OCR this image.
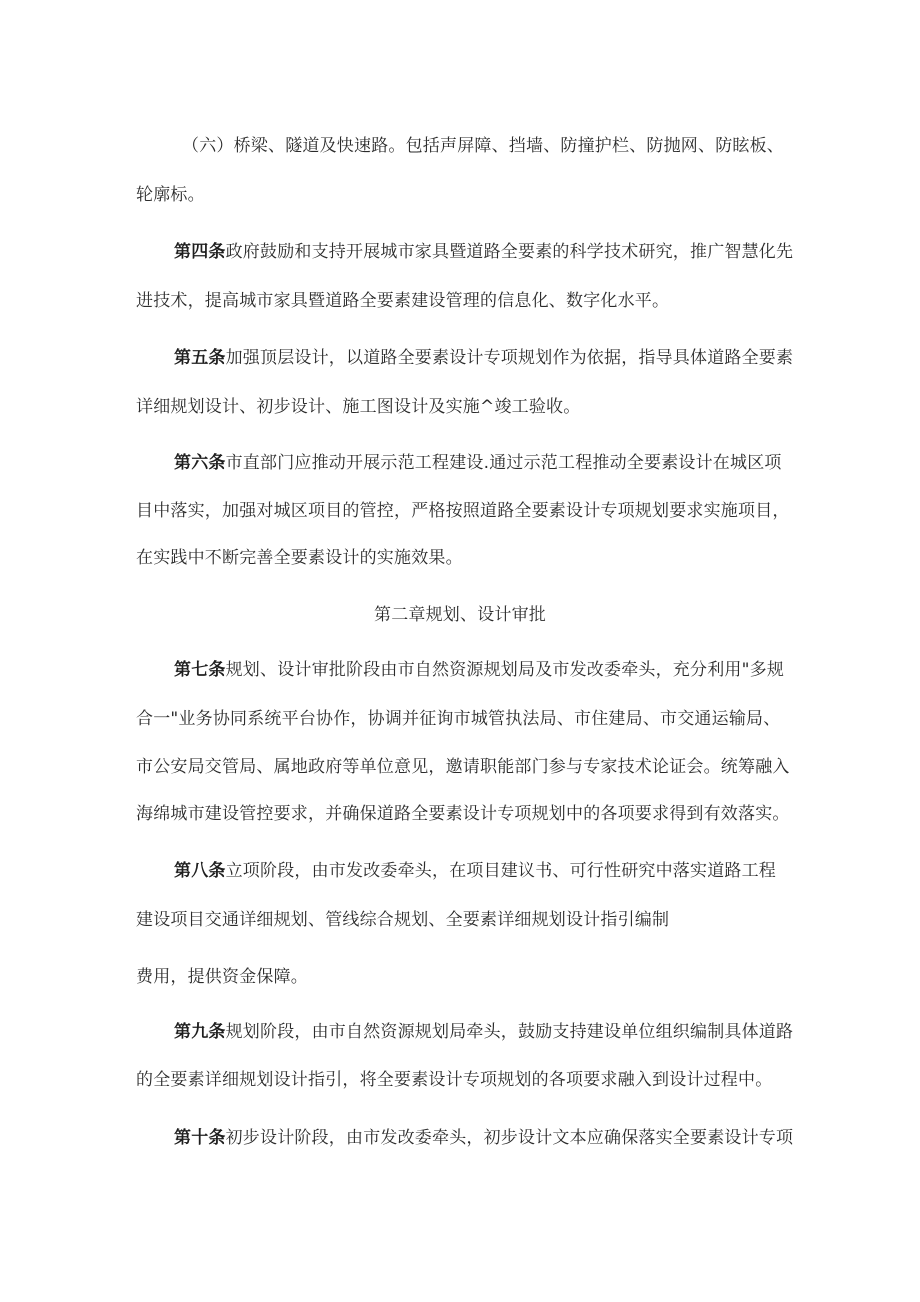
（六）桥梁、隧道及快速路。包括声屏障、挡墙、防撞护栏、防抛网、防眩板、
轮廓标。
第四条政府鼓励和支持开展城市家具暨道路全要素的科学技术研究，推广智慧化先
进技术，提高城市家具暨道路全要素建设管理的信息化、数字化水平。
第五条加强顶层设计，以道路全要素设计专项规划作为依据，指导具体道路全要素
详细规划设计、初步设计、施工图设计及实施^竣工验收。
第六条市直部门应推动开展示范工程建设.通过示范工程推动全要素设计在城区项
目中落实，加强对城区项目的管控，严格按照道路全要素设计专项规划要求实施项目，
在实践中不断完善全要素设计的实施效果。
第二章规划、设计审批
第七条规划、设计审批阶段由市自然资源规划局及市发改委牵头，充分利用"多规
合一"业务协同系统平台协作，协调并征询市城管执法局、市住建局、市交通运输局、
市公安局交管局、属地政府等单位意见，邀请职能部门参与专家技术论证会。统筹融入
海绵城市建设管控要求，并确保道路全要素设计专项规划中的各项要求得到有效落实。
第八条立项阶段，由市发改委牵头，在项目建议书、可行性研究中落实道路工程
建设项目交通详细规划、管线综合规划、全要素详细规划设计指引编制
费用，提供资金保障。
第九条规划阶段，由市自然资源规划局牵头，鼓励支持建设单位组织编制具体道路
的全要素详细规划设计指引，将全要素设计专项规划的各项要求融入到设计过程中。
第十条初步设计阶段，由市发改委牵头，初步设计文本应确保落实全要素设计专项
